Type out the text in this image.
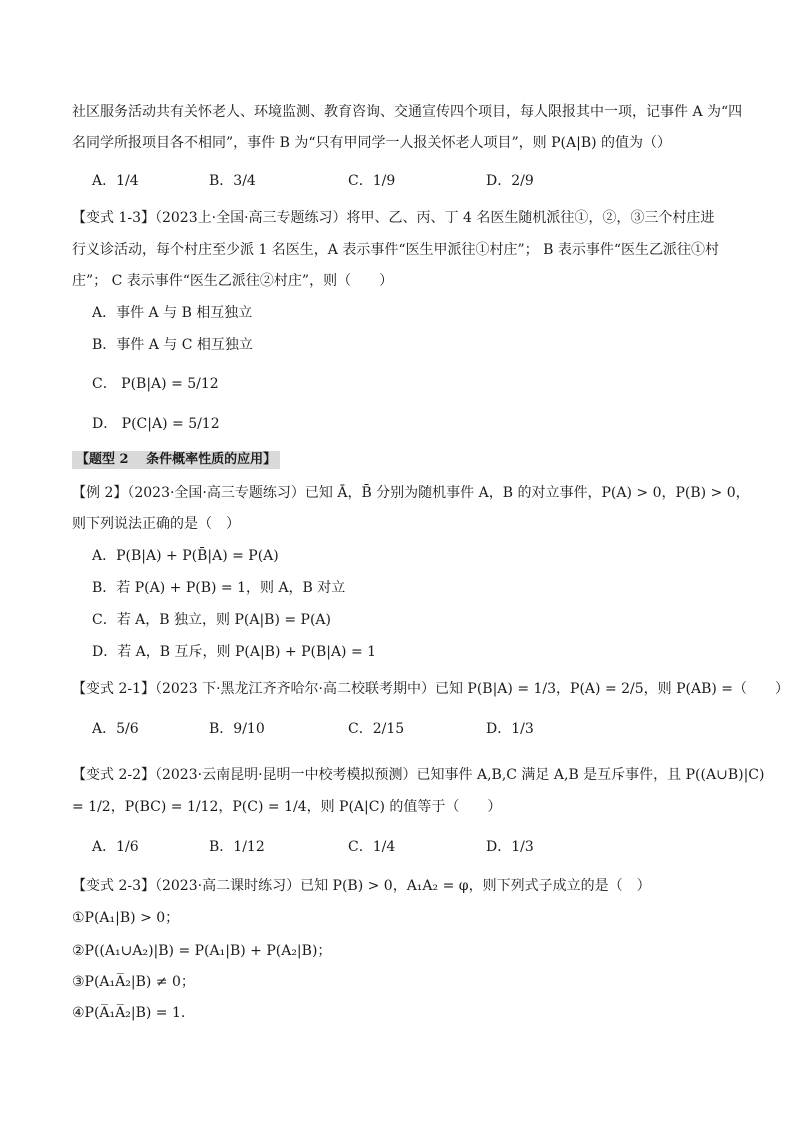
社区服务活动共有关怀老人、环境监测、教育咨询、交通宣传四个项目，每人限报其中一项，记事件 A 为“四
名同学所报项目各不相同”，事件 B 为“只有甲同学一人报关怀老人项目”，则 P(A|B) 的值为（）
A．1/4	B．3/4	C．1/9	D．2/9
【变式 1-3】（2023上·全国·高三专题练习）将甲、乙、丙、丁 4 名医生随机派往①，②，③三个村庄进
行义诊活动，每个村庄至少派 1 名医生，A 表示事件“医生甲派往①村庄”； B 表示事件“医生乙派往①村
庄”； C 表示事件“医生乙派往②村庄”，则（　　）
A．事件 A 与 B 相互独立
B．事件 A 与 C 相互独立
C． P(B|A) = 5/12
D． P(C|A) = 5/12
【题型 2　 条件概率性质的应用】
【例 2】（2023·全国·高三专题练习）已知 Ā，B̄ 分别为随机事件 A，B 的对立事件，P(A) > 0，P(B) > 0，
则下列说法正确的是（　）
A．P(B|A) + P(B̄|A) = P(A)
B．若 P(A) + P(B) = 1，则 A，B 对立
C．若 A，B 独立，则 P(A|B) = P(A)
D．若 A，B 互斥，则 P(A|B) + P(B|A) = 1
【变式 2-1】（2023 下·黑龙江齐齐哈尔·高二校联考期中）已知 P(B|A) = 1/3，P(A) = 2/5，则 P(AB) =（　　）
A．5/6	B．9/10	C．2/15	D．1/3
【变式 2-2】（2023·云南昆明·昆明一中校考模拟预测）已知事件 A,B,C 满足 A,B 是互斥事件，且 P((A∪B)|C)
= 1/2，P(BC) = 1/12，P(C) = 1/4，则 P(A|C) 的值等于（　　）
A．1/6	B．1/12	C．1/4	D．1/3
【变式 2-3】（2023·高二课时练习）已知 P(B) > 0，A₁A₂ = φ，则下列式子成立的是（　）
①P(A₁|B) > 0；
②P((A₁∪A₂)|B) = P(A₁|B) + P(A₂|B)；
③P(A₁A̅₂|B) ≠ 0；
④P(A̅₁A̅₂|B) = 1.
